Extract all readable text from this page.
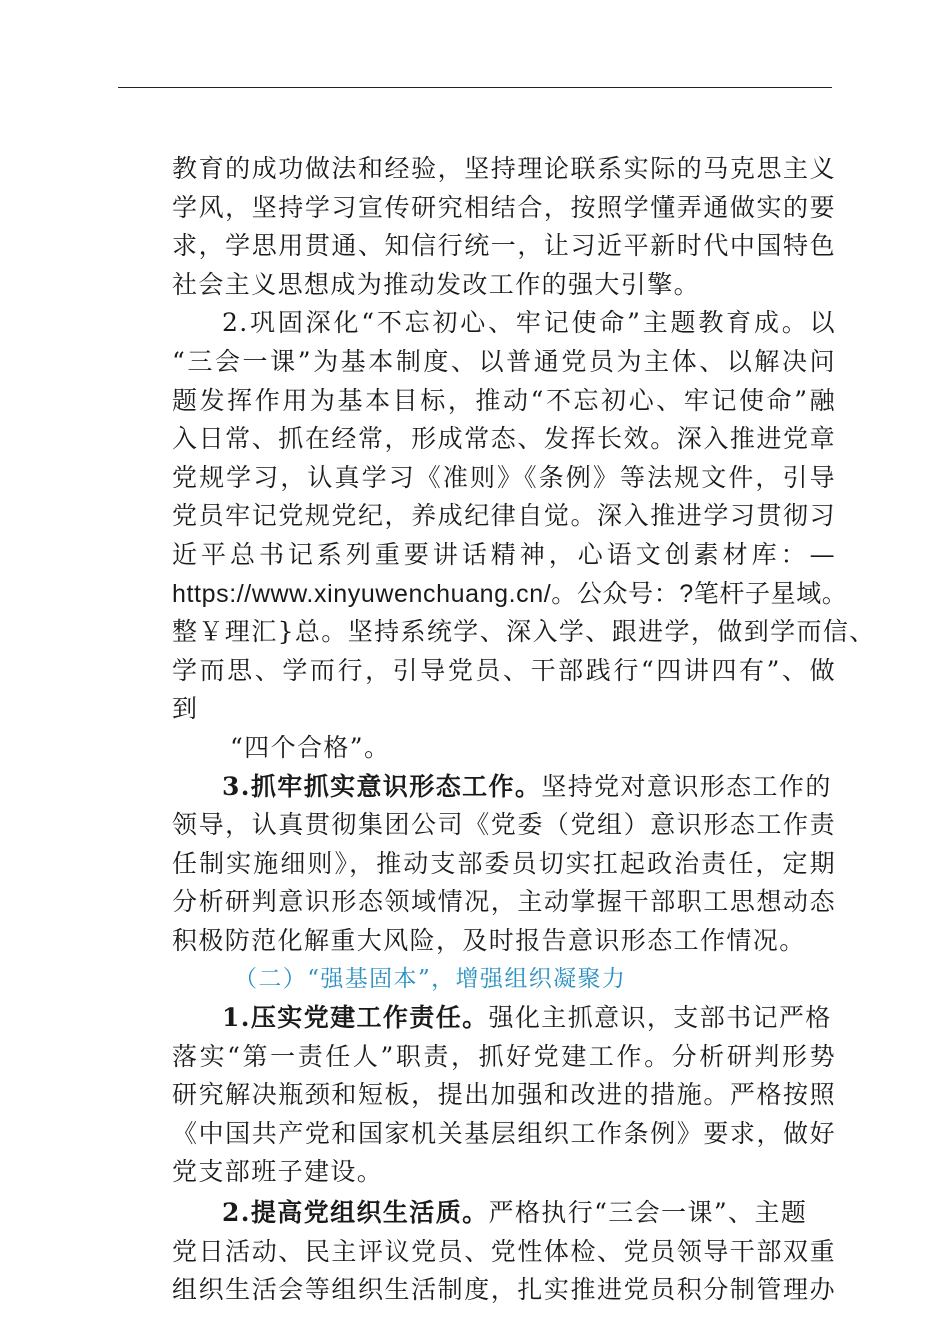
教育的成功做法和经验，坚持理论联系实际的马克思主义
学风，坚持学习宣传研究相结合，按照学懂弄通做实的要
求，学思用贯通、知信行统一，让习近平新时代中国特色
社会主义思想成为推动发改工作的强大引擎。
2.巩固深化“不忘初心、牢记使命”主题教育成。以
“三会一课”为基本制度、以普通党员为主体、以解决问
题发挥作用为基本目标，推动“不忘初心、牢记使命”融
入日常、抓在经常，形成常态、发挥长效。深入推进党章
党规学习，认真学习《准则》《条例》等法规文件，引导
党员牢记党规党纪，养成纪律自觉。深入推进学习贯彻习
近平总书记系列重要讲话精神，心语文创素材库：—
https://www.xinyuwenchuang.cn/。公众号：?笔杆子星域。
整￥理汇}总。坚持系统学、深入学、跟进学，做到学而信、
学而思、学而行，引导党员、干部践行“四讲四有”、做
到
“四个合格”。
3.抓牢抓实意识形态工作。坚持党对意识形态工作的
领导，认真贯彻集团公司《党委（党组）意识形态工作责
任制实施细则》，推动支部委员切实扛起政治责任，定期
分析研判意识形态领域情况，主动掌握干部职工思想动态
积极防范化解重大风险，及时报告意识形态工作情况。
（二）“强基固本”，增强组织凝聚力
1.压实党建工作责任。强化主抓意识，支部书记严格
落实“第一责任人”职责，抓好党建工作。分析研判形势
研究解决瓶颈和短板，提出加强和改进的措施。严格按照
《中国共产党和国家机关基层组织工作条例》要求，做好
党支部班子建设。
2.提高党组织生活质。严格执行“三会一课”、主题
党日活动、民主评议党员、党性体检、党员领导干部双重
组织生活会等组织生活制度，扎实推进党员积分制管理办
